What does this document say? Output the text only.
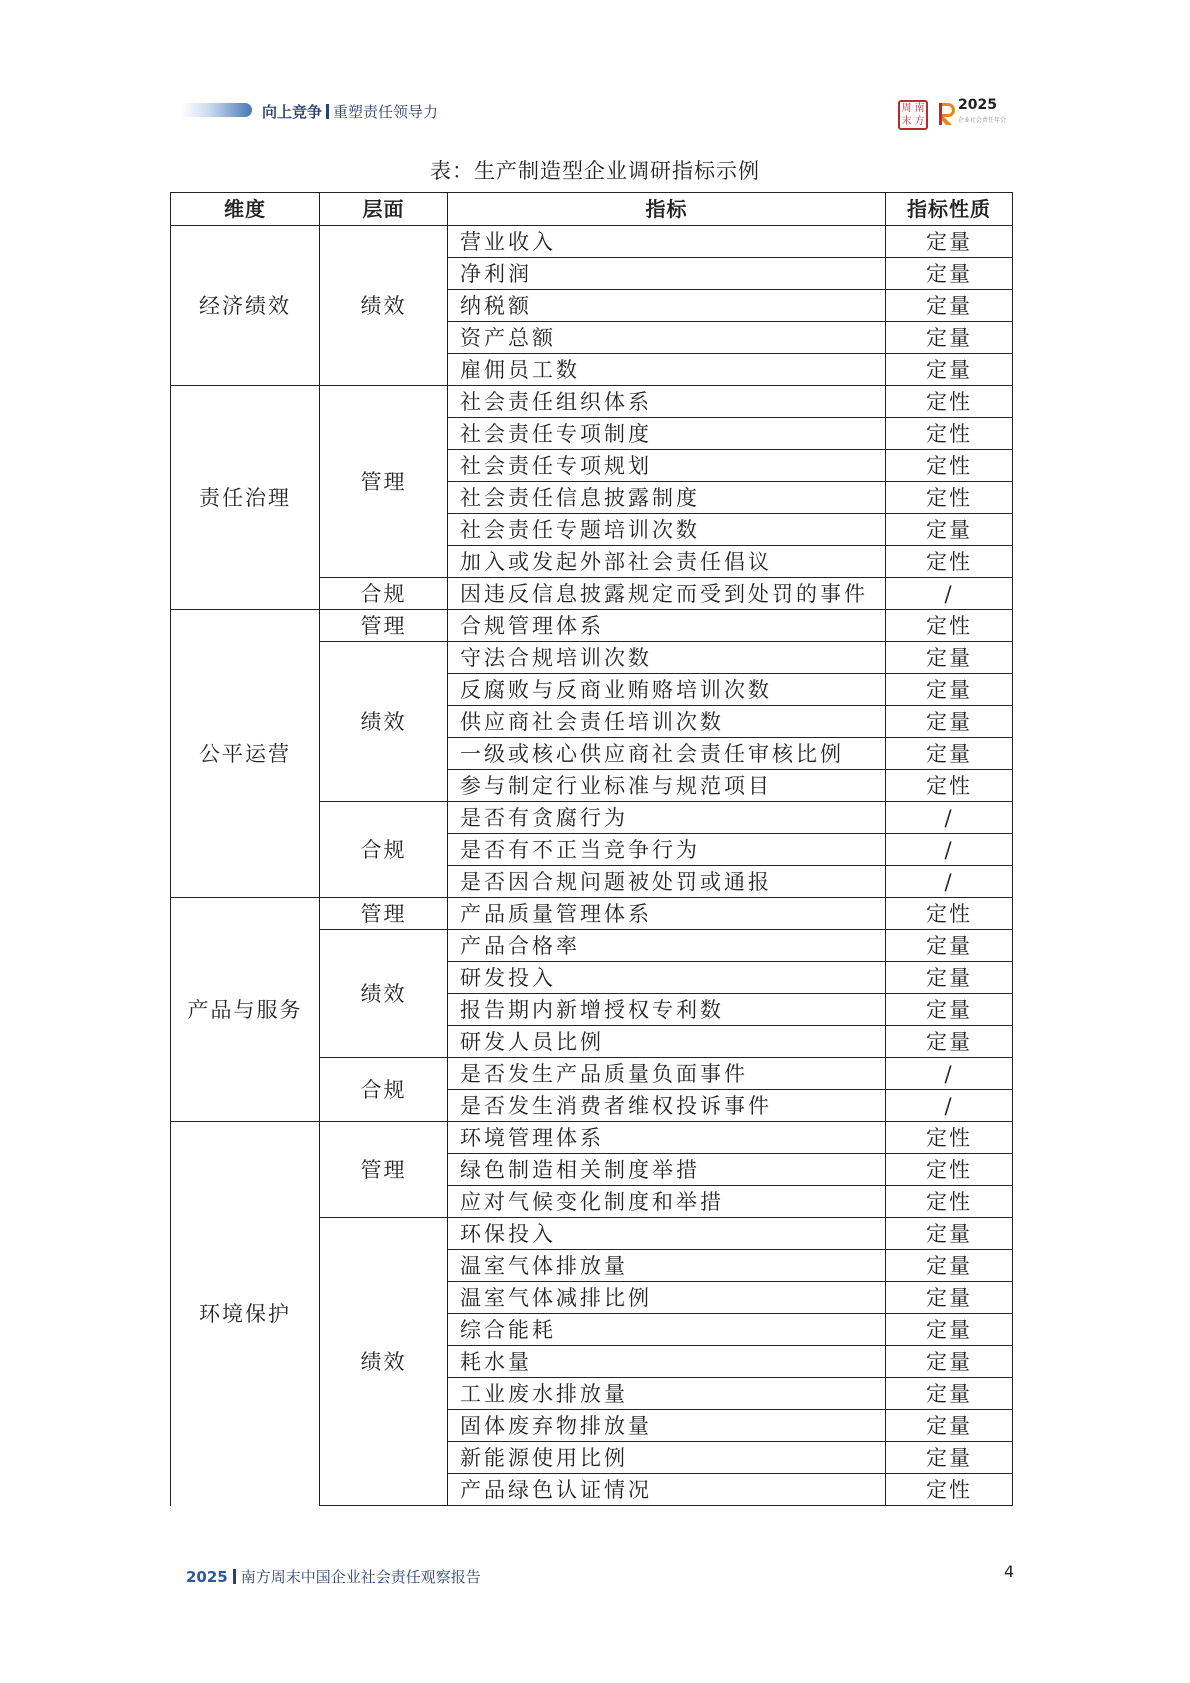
向上竞争 重塑责任领导力	周 南
末 方
2025
企业社会责任年会
表：生产制造型企业调研指标示例
维度	层面	指标	指标性质
经济绩效	绩效	营业收入	定量
		净利润	定量
		纳税额	定量
		资产总额	定量
		雇佣员工数	定量
责任治理	管理	社会责任组织体系	定性
		社会责任专项制度	定性
		社会责任专项规划	定性
		社会责任信息披露制度	定性
		社会责任专题培训次数	定量
		加入或发起外部社会责任倡议	定性
	合规	因违反信息披露规定而受到处罚的事件	/
公平运营	管理	合规管理体系	定性
	绩效	守法合规培训次数	定量
		反腐败与反商业贿赂培训次数	定量
		供应商社会责任培训次数	定量
		一级或核心供应商社会责任审核比例	定量
		参与制定行业标准与规范项目	定性
	合规	是否有贪腐行为	/
		是否有不正当竞争行为	/
		是否因合规问题被处罚或通报	/
产品与服务	管理	产品质量管理体系	定性
	绩效	产品合格率	定量
		研发投入	定量
		报告期内新增授权专利数	定量
		研发人员比例	定量
	合规	是否发生产品质量负面事件	/
		是否发生消费者维权投诉事件	/
环境保护	管理	环境管理体系	定性
		绿色制造相关制度举措	定性
		应对气候变化制度和举措	定性
	绩效	环保投入	定量
		温室气体排放量	定量
		温室气体减排比例	定量
		综合能耗	定量
		耗水量	定量
		工业废水排放量	定量
		固体废弃物排放量	定量
		新能源使用比例	定量
		产品绿色认证情况	定性
2025 南方周末中国企业社会责任观察报告	4
